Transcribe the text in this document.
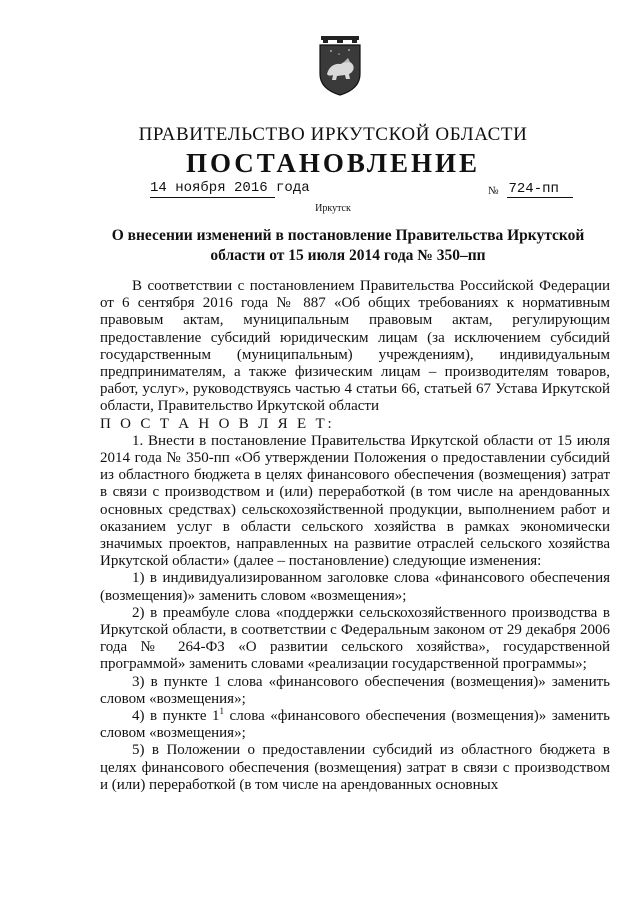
ПРАВИТЕЛЬСТВО ИРКУТСКОЙ ОБЛАСТИ
ПОСТАНОВЛЕНИЕ
14 ноября 2016 года	№ 724-пп
Иркутск
О внесении изменений в постановление Правительства Иркутской области от 15 июля 2014 года № 350–пп

В соответствии с постановлением Правительства Российской Федерации от 6 сентября 2016 года № 887 «Об общих требованиях к нормативным правовым актам, муниципальным правовым актам, регулирующим предоставление субсидий юридическим лицам (за исключением субсидий государственным (муниципальным) учреждениям), индивидуальным предпринимателям, а также физическим лицам – производителям товаров, работ, услуг», руководствуясь частью 4 статьи 66, статьей 67 Устава Иркутской области, Правительство Иркутской области

П О С Т А Н О В Л Я Е Т:

1. Внести в постановление Правительства Иркутской области от 15 июля 2014 года № 350-пп «Об утверждении Положения о предоставлении субсидий из областного бюджета в целях финансового обеспечения (возмещения) затрат в связи с производством и (или) переработкой (в том числе на арендованных основных средствах) сельскохозяйственной продукции, выполнением работ и оказанием услуг в области сельского хозяйства в рамках экономически значимых проектов, направленных на развитие отраслей сельского хозяйства Иркутской области» (далее – постановление) следующие изменения:

1) в индивидуализированном заголовке слова «финансового обеспечения (возмещения)» заменить словом «возмещения»;

2) в преамбуле слова «поддержки сельскохозяйственного производства в Иркутской области, в соответствии с Федеральным законом от 29 декабря 2006 года № 264-ФЗ «О развитии сельского хозяйства», государственной программой» заменить словами «реализации государственной программы»;

3) в пункте 1 слова «финансового обеспечения (возмещения)» заменить словом «возмещения»;

4) в пункте $1^1$ слова «финансового обеспечения (возмещения)» заменить словом «возмещения»;

5) в Положении о предоставлении субсидий из областного бюджета в целях финансового обеспечения (возмещения) затрат в связи с производством и (или) переработкой (в том числе на арендованных основных
